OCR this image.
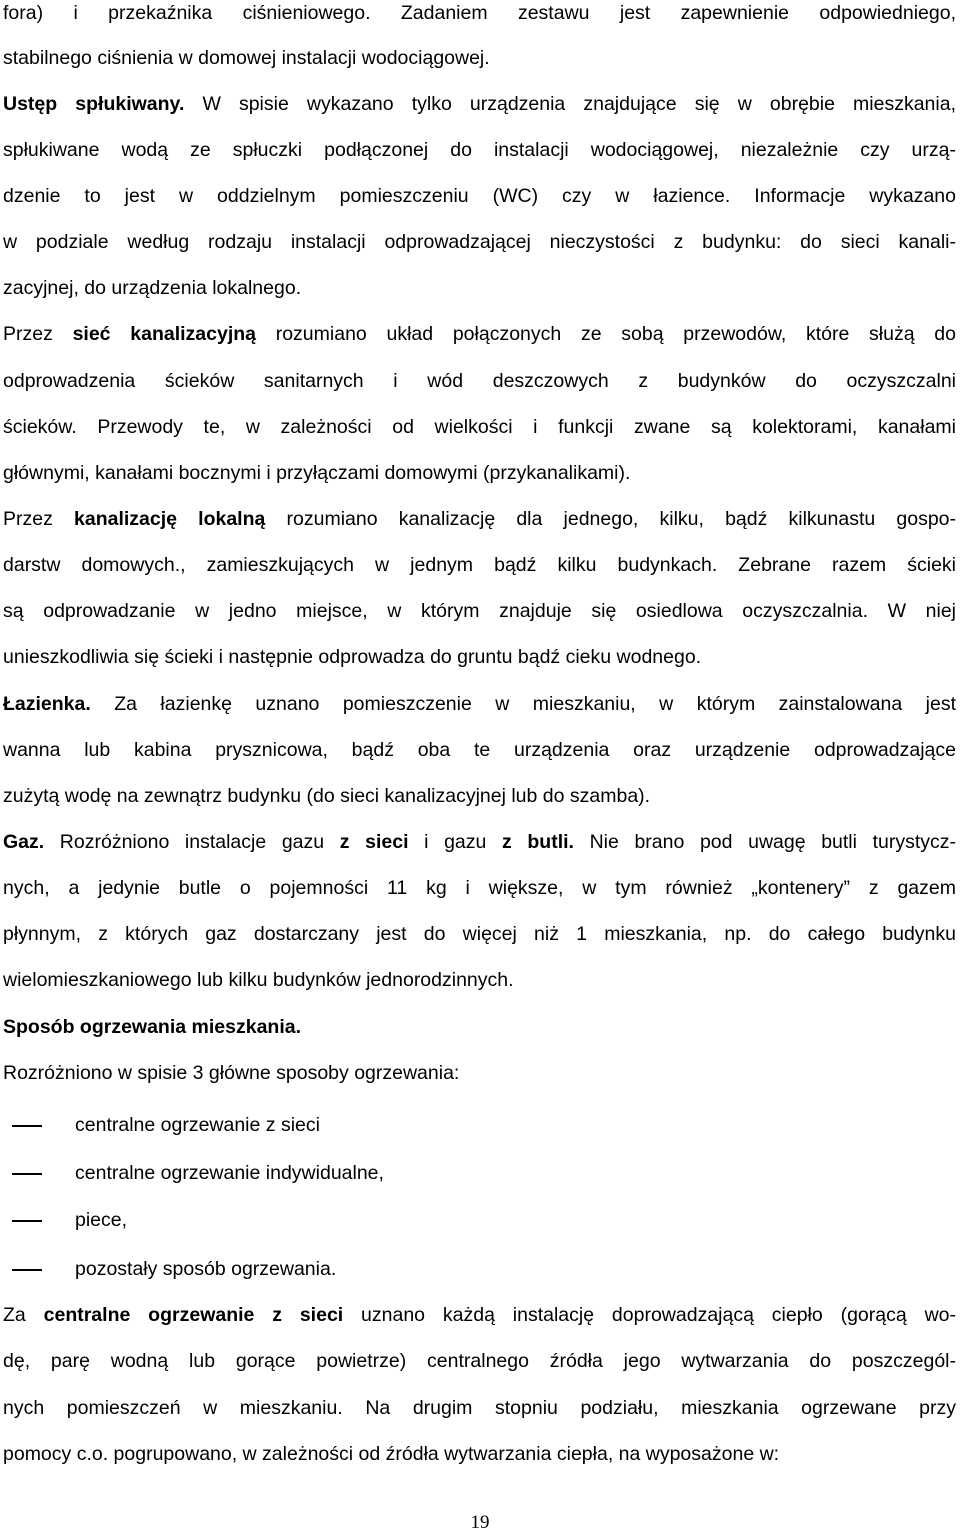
fora) i przekaźnika ciśnieniowego. Zadaniem zestawu jest zapewnienie odpowiedniego,
stabilnego ciśnienia w domowej instalacji wodociągowej.
Ustęp spłukiwany. W spisie wykazano tylko urządzenia znajdujące się w obrębie mieszkania,
spłukiwane wodą ze spłuczki podłączonej do instalacji wodociągowej, niezależnie czy urzą-
dzenie to jest w oddzielnym pomieszczeniu (WC) czy w łazience. Informacje wykazano
w podziale według rodzaju instalacji odprowadzającej nieczystości z budynku: do sieci kanali-
zacyjnej, do urządzenia lokalnego.
Przez sieć kanalizacyjną rozumiano układ połączonych ze sobą przewodów, które służą do
odprowadzenia ścieków sanitarnych i wód deszczowych z budynków do oczyszczalni
ścieków. Przewody te, w zależności od wielkości i funkcji zwane są kolektorami, kanałami
głównymi, kanałami bocznymi i przyłączami domowymi (przykanalikami).
Przez kanalizację lokalną rozumiano kanalizację dla jednego, kilku, bądź kilkunastu gospo-
darstw domowych., zamieszkujących w jednym bądź kilku budynkach. Zebrane razem ścieki
są odprowadzanie w jedno miejsce, w którym znajduje się osiedlowa oczyszczalnia. W niej
unieszkodliwia się ścieki i następnie odprowadza do gruntu bądź cieku wodnego.
Łazienka. Za łazienkę uznano pomieszczenie w mieszkaniu, w którym zainstalowana jest
wanna lub kabina prysznicowa, bądź oba te urządzenia oraz urządzenie odprowadzające
zużytą wodę na zewnątrz budynku (do sieci kanalizacyjnej lub do szamba).
Gaz. Rozróżniono instalacje gazu z sieci i gazu z butli. Nie brano pod uwagę butli turystycz-
nych, a jedynie butle o pojemności 11 kg i większe, w tym również „kontenery” z gazem
płynnym, z których gaz dostarczany jest do więcej niż 1 mieszkania, np. do całego budynku
wielomieszkaniowego lub kilku budynków jednorodzinnych.
Sposób ogrzewania mieszkania.
Rozróżniono w spisie 3 główne sposoby ogrzewania:
centralne ogrzewanie z sieci
centralne ogrzewanie indywidualne,
piece,
pozostały sposób ogrzewania.
Za centralne ogrzewanie z sieci uznano każdą instalację doprowadzającą ciepło (gorącą wo-
dę, parę wodną lub gorące powietrze) centralnego źródła jego wytwarzania do poszczegól-
nych pomieszczeń w mieszkaniu. Na drugim stopniu podziału, mieszkania ogrzewane przy
pomocy c.o. pogrupowano, w zależności od źródła wytwarzania ciepła, na wyposażone w:
19
